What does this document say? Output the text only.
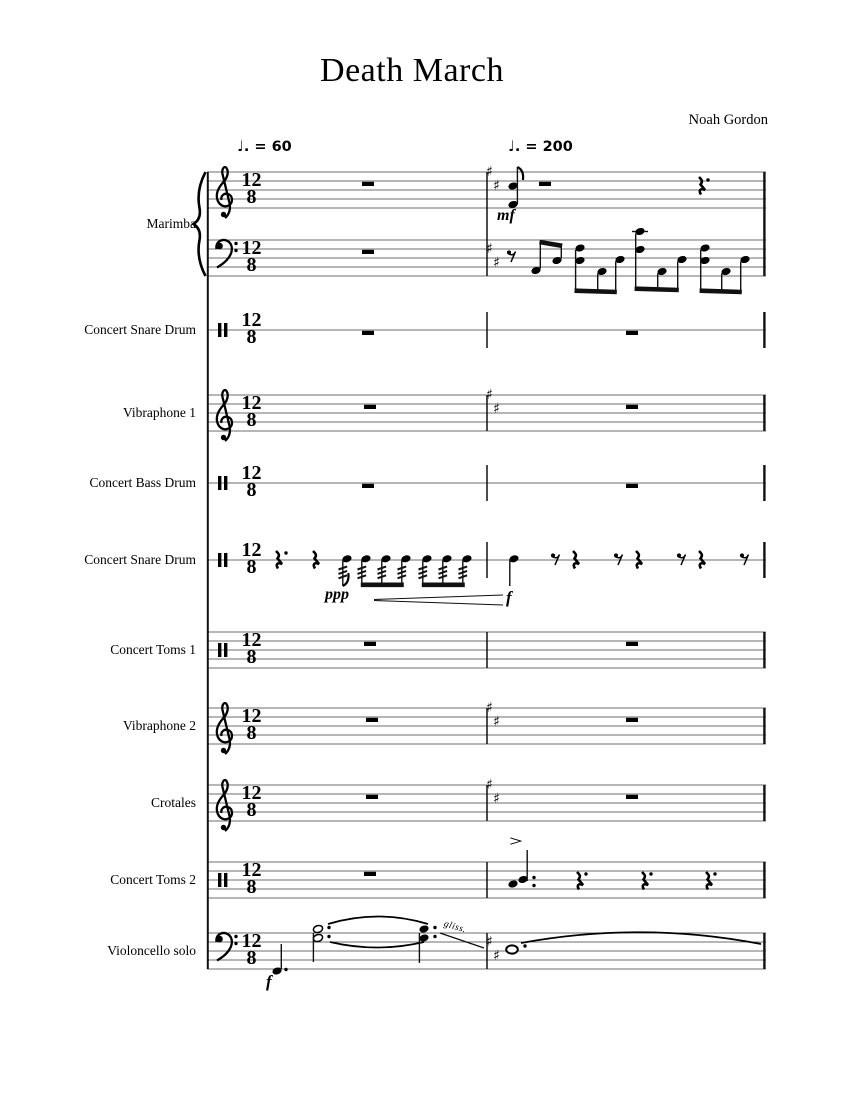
Death March
Noah Gordon
♩. = 60	♩. = 200
Marimba
Concert Snare Drum
Vibraphone 1
Concert Bass Drum
Concert Snare Drum
Concert Toms 1
Vibraphone 2
Crotales
Concert Toms 2
Violoncello solo
mf
ppp	f
f
gliss.
>
12
8
12
8
12
8
12
8
12
8
12
8
12
8
12
8
12
8
12
8
12
8
♯
♯
♯
♯
♯
♯
♯
♯
♯
♯
♯
♯
